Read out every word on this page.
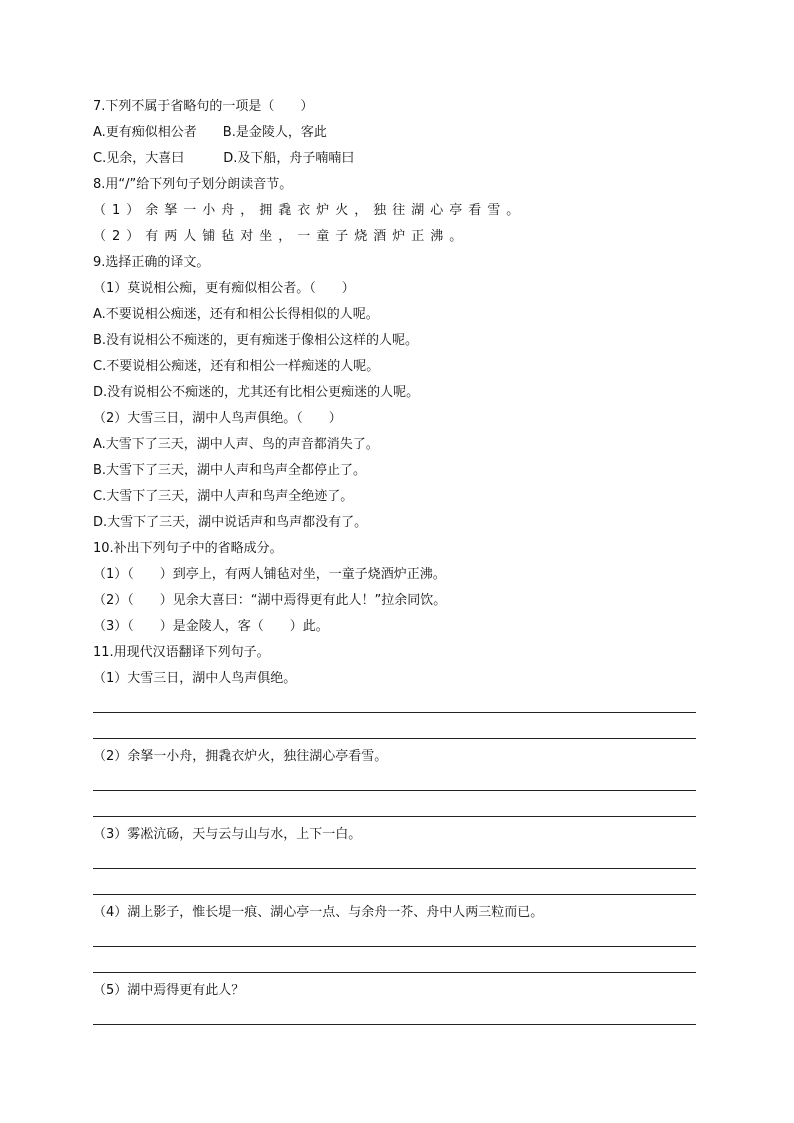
7.下列不属于省略句的一项是（　　）
A.更有痴似相公者　　B.是金陵人，客此
C.见余，大喜曰　　　D.及下船，舟子喃喃曰
8.用“/”给下列句子划分朗读音节。
（1）余拏一小舟，拥毳衣炉火，独往湖心亭看雪。
（2）有两人铺毡对坐，一童子烧酒炉正沸。
9.选择正确的译文。
（1）莫说相公痴，更有痴似相公者。（　　）
A.不要说相公痴迷，还有和相公长得相似的人呢。
B.没有说相公不痴迷的，更有痴迷于像相公这样的人呢。
C.不要说相公痴迷，还有和相公一样痴迷的人呢。
D.没有说相公不痴迷的，尤其还有比相公更痴迷的人呢。
（2）大雪三日，湖中人鸟声俱绝。（　　）
A.大雪下了三天，湖中人声、鸟的声音都消失了。
B.大雪下了三天，湖中人声和鸟声全都停止了。
C.大雪下了三天，湖中人声和鸟声全绝迹了。
D.大雪下了三天，湖中说话声和鸟声都没有了。
10.补出下列句子中的省略成分。
（1）（　　）到亭上，有两人铺毡对坐，一童子烧酒炉正沸。
（2）（　　）见余大喜曰：“湖中焉得更有此人！”拉余同饮。
（3）（　　）是金陵人，客（　　）此。
11.用现代汉语翻译下列句子。
（1）大雪三日，湖中人鸟声俱绝。
（2）余拏一小舟，拥毳衣炉火，独往湖心亭看雪。
（3）雾凇沆砀，天与云与山与水，上下一白。
（4）湖上影子，惟长堤一痕、湖心亭一点、与余舟一芥、舟中人两三粒而已。
（5）湖中焉得更有此人？
